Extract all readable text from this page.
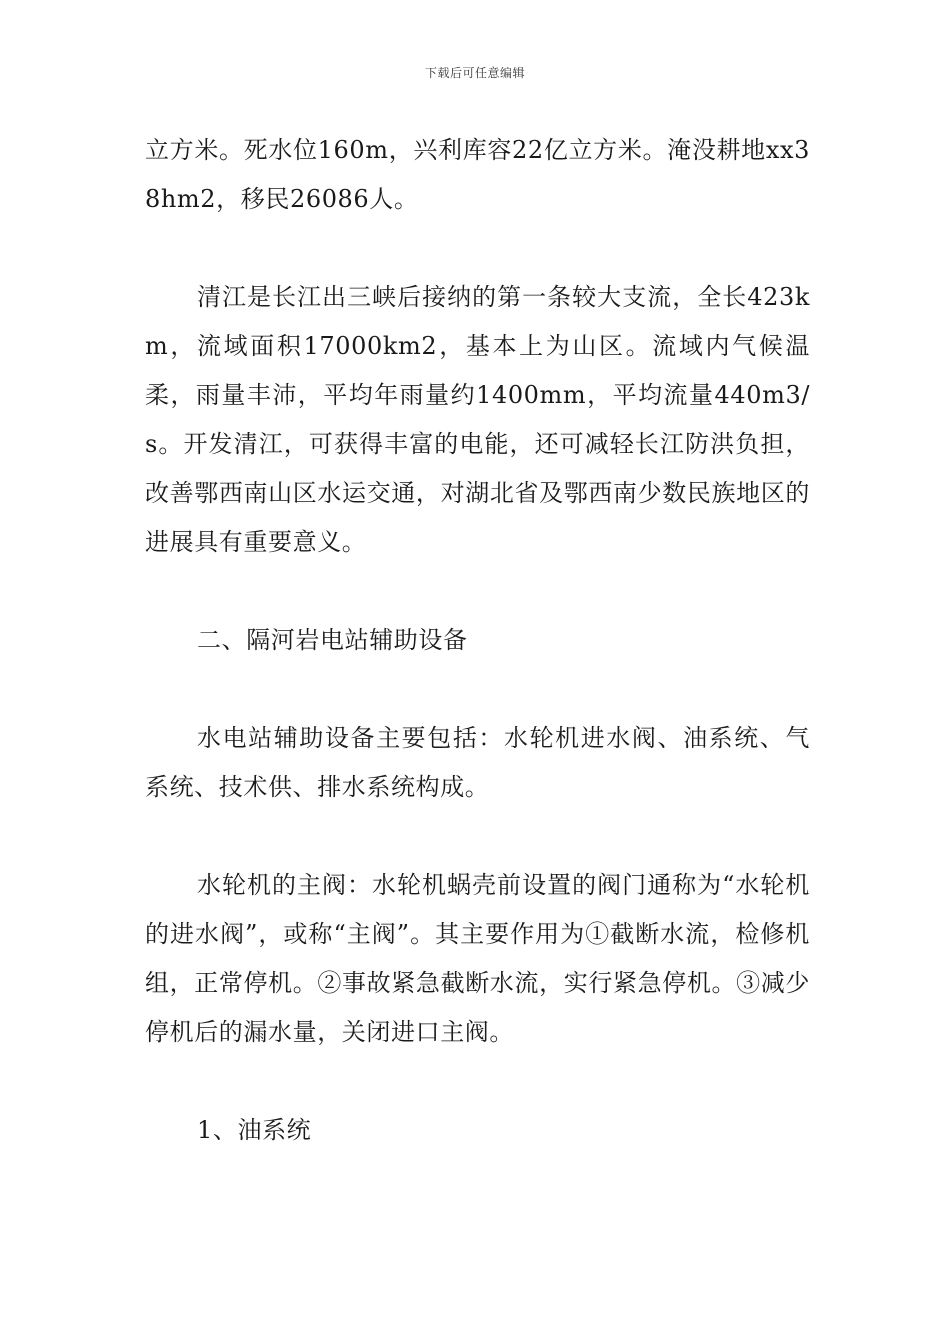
下载后可任意编辑

立方米。死水位160m，兴利库容22亿立方米。淹没耕地xx38hm2，移民26086人。

清江是长江出三峡后接纳的第一条较大支流，全长423km，流域面积17000km2，基本上为山区。流域内气候温柔，雨量丰沛，平均年雨量约1400mm，平均流量440m3/s。开发清江，可获得丰富的电能，还可减轻长江防洪负担，改善鄂西南山区水运交通，对湖北省及鄂西南少数民族地区的进展具有重要意义。

二、隔河岩电站辅助设备

水电站辅助设备主要包括：水轮机进水阀、油系统、气系统、技术供、排水系统构成。

水轮机的主阀：水轮机蜗壳前设置的阀门通称为“水轮机的进水阀”，或称“主阀”。其主要作用为①截断水流，检修机组，正常停机。②事故紧急截断水流，实行紧急停机。③减少停机后的漏水量，关闭进口主阀。

1、油系统
